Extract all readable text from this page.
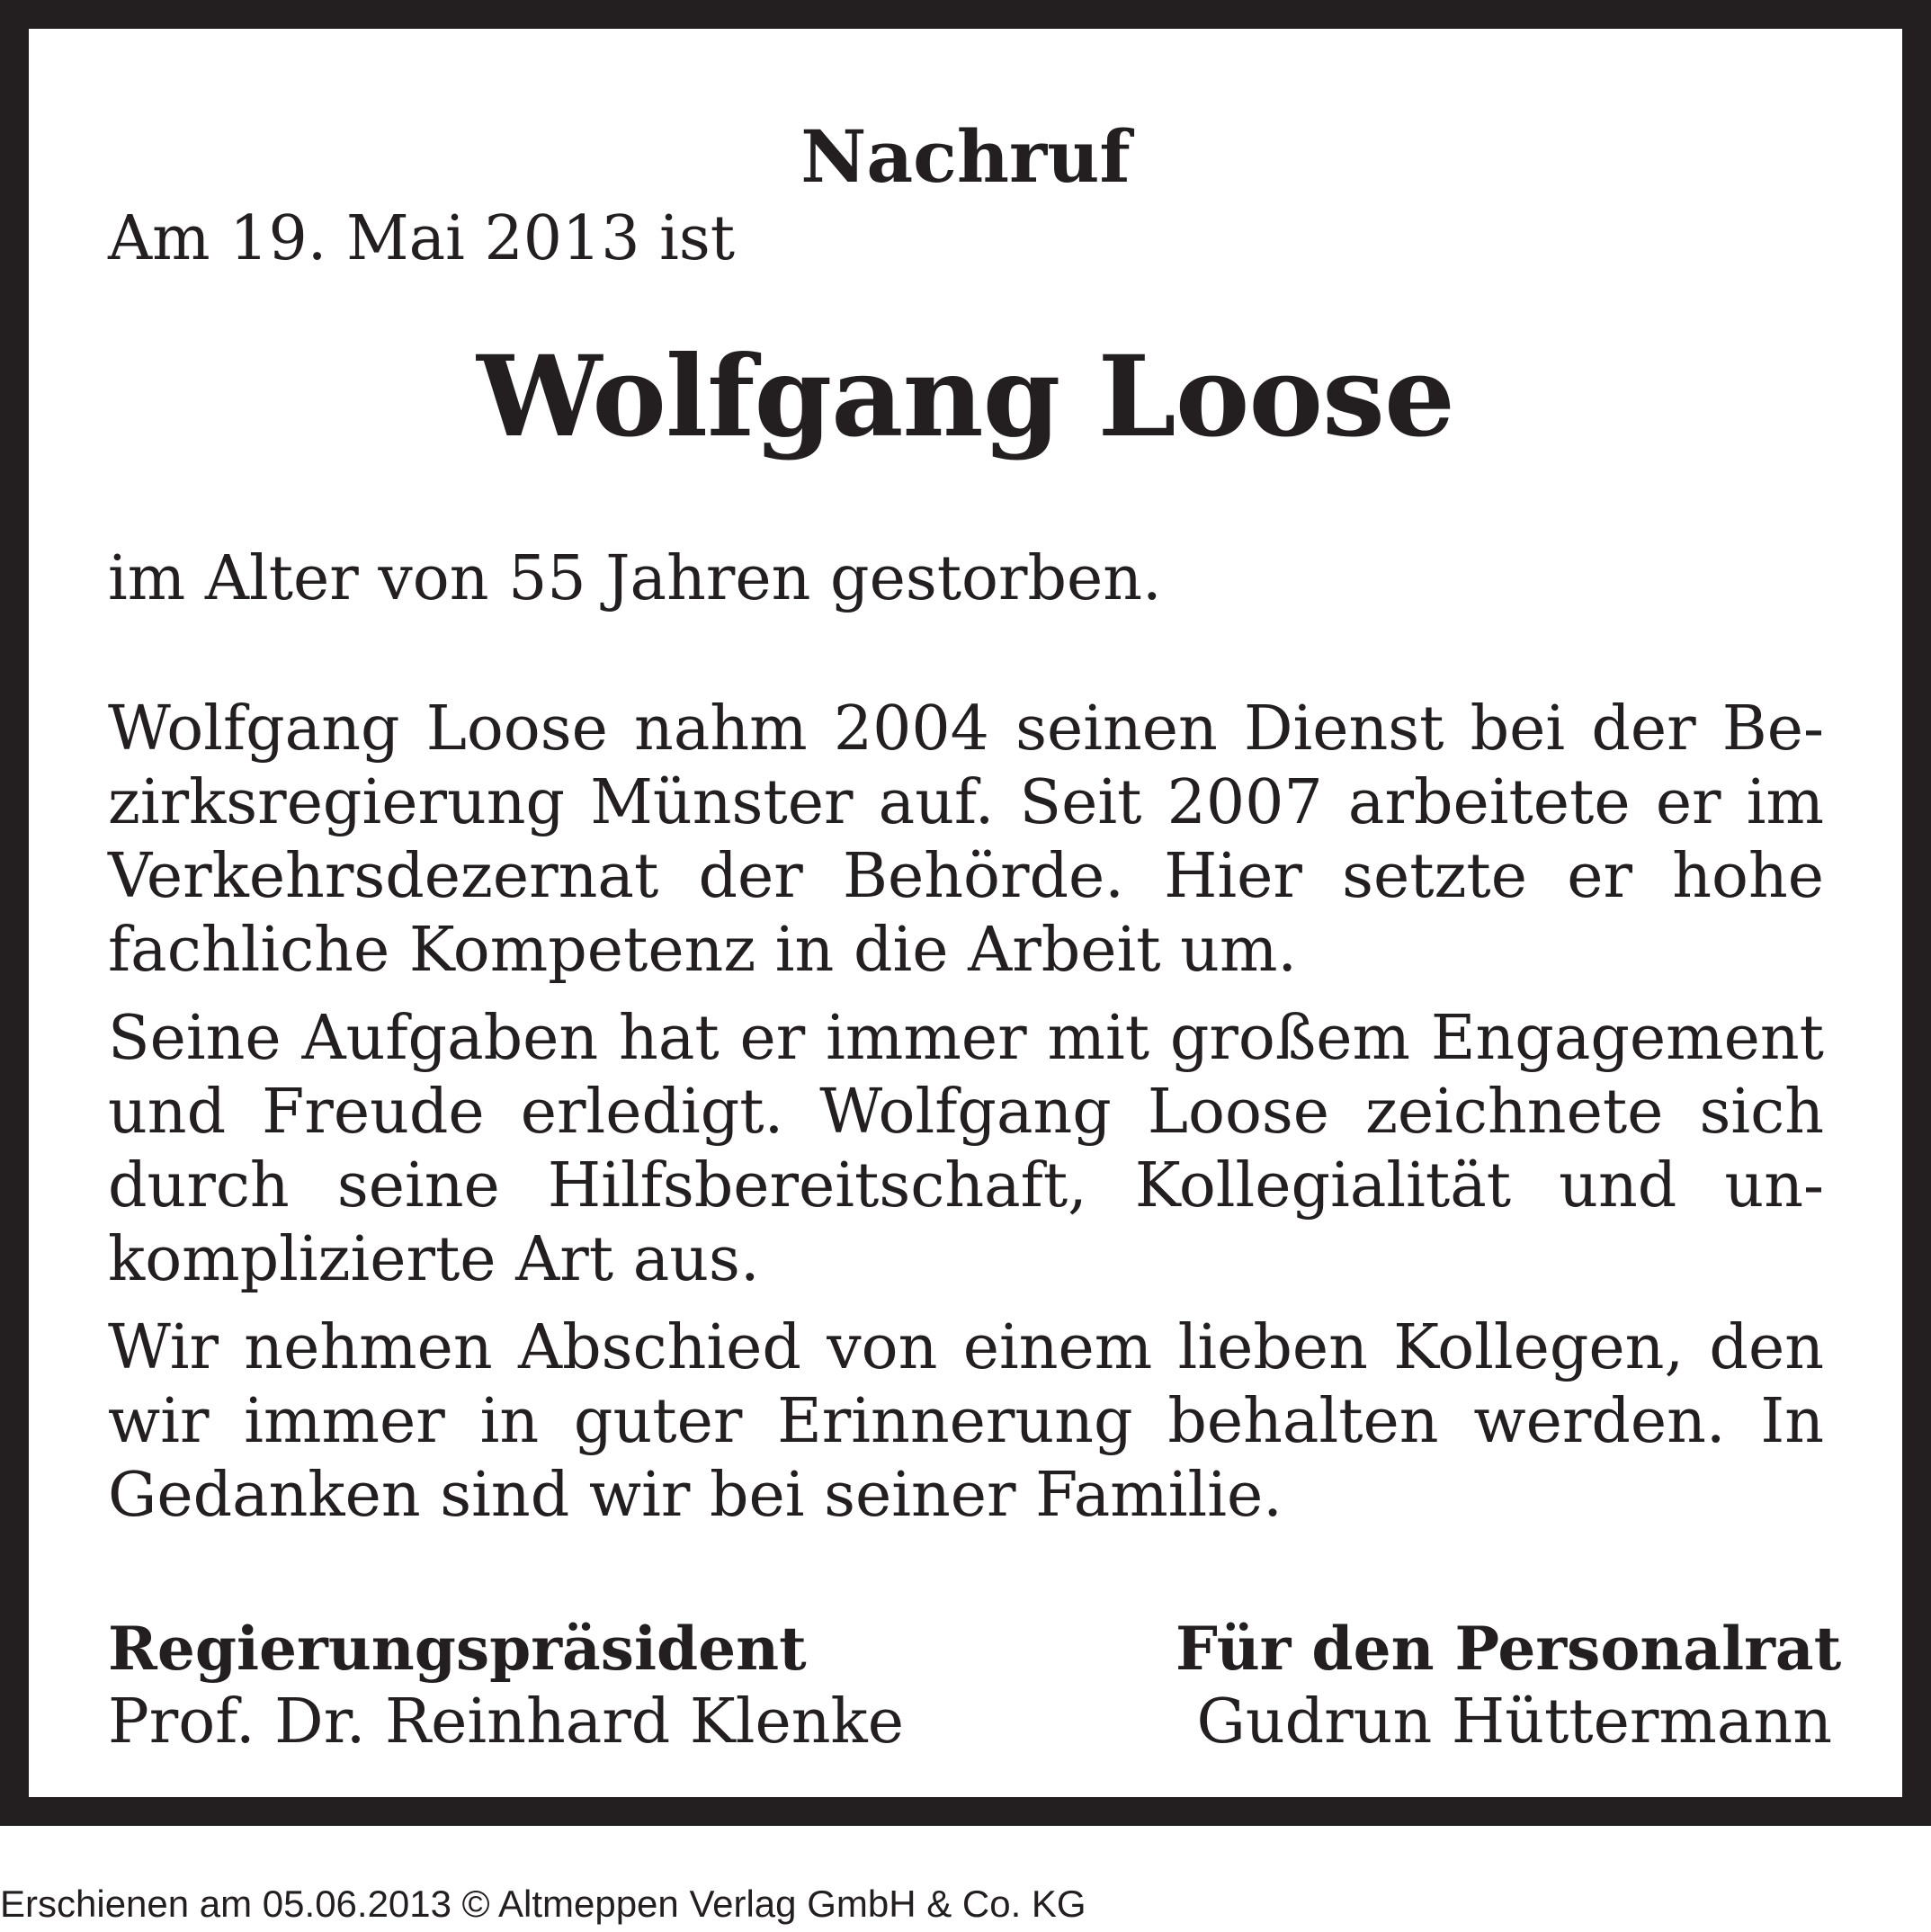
Nachruf
Am 19. Mai 2013 ist
Wolfgang Loose
im Alter von 55 Jahren gestorben.
Wolfgang Loose nahm 2004 seinen Dienst bei der Be-
zirksregierung Münster auf. Seit 2007 arbeitete er im
Verkehrsdezernat der Behörde. Hier setzte er hohe
fachliche Kompetenz in die Arbeit um.
Seine Aufgaben hat er immer mit großem Engagement
und Freude erledigt. Wolfgang Loose zeichnete sich
durch seine Hilfsbereitschaft, Kollegialität und un-
komplizierte Art aus.
Wir nehmen Abschied von einem lieben Kollegen, den
wir immer in guter Erinnerung behalten werden. In
Gedanken sind wir bei seiner Familie.
Regierungspräsident
Prof. Dr. Reinhard Klenke
Für den Personalrat
Gudrun Hüttermann
Erschienen am 05.06.2013 © Altmeppen Verlag GmbH & Co. KG
